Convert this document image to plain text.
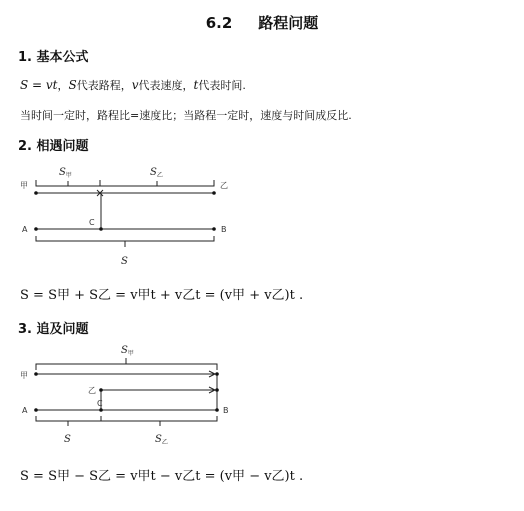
6.2 路程问题
1. 基本公式
S = vt，S代表路程，v代表速度，t代表时间.
当时间一定时，路程比=速度比；当路程一定时，速度与时间成反比.
2. 相遇问题
$S_甲$	$S_乙$
甲	乙
A	B
C
S
$S_甲$
甲
乙
A	B
C
S	$S_乙$
S = S甲 + S乙 = v甲t + v乙t = (v甲 + v乙)t .
3. 追及问题
S = S甲 − S乙 = v甲t − v乙t = (v甲 − v乙)t .
